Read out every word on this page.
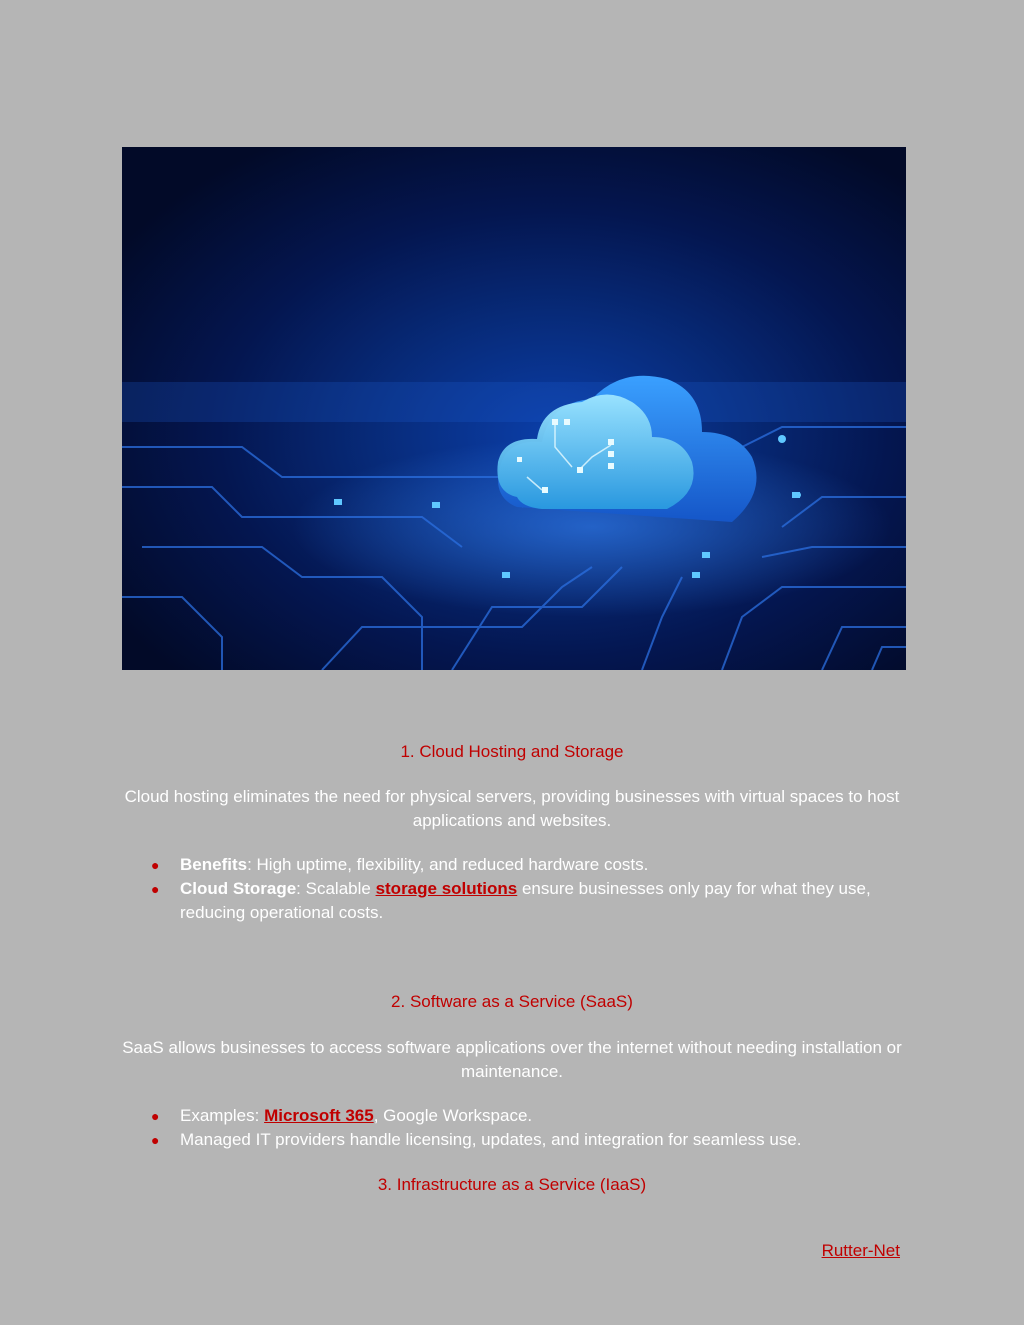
1. Cloud Hosting and Storage
Cloud hosting eliminates the need for physical servers, providing businesses with virtual spaces to host applications and websites.
● Benefits: High uptime, flexibility, and reduced hardware costs.
● Cloud Storage: Scalable storage solutions ensure businesses only pay for what they use, reducing operational costs.
2. Software as a Service (SaaS)
SaaS allows businesses to access software applications over the internet without needing installation or maintenance.
● Examples: Microsoft 365, Google Workspace.
● Managed IT providers handle licensing, updates, and integration for seamless use.
3. Infrastructure as a Service (IaaS)
Rutter-Net
